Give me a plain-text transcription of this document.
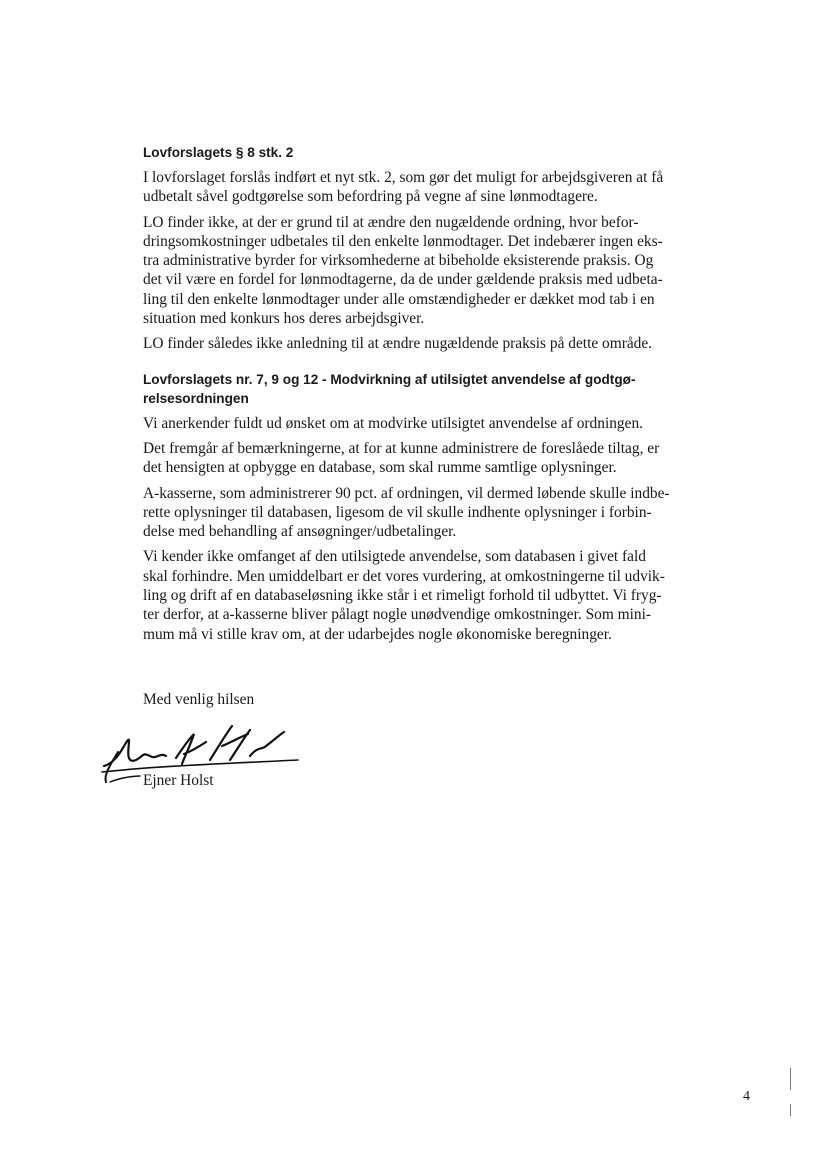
Lovforslagets § 8 stk. 2
I lovforslaget forslås indført et nyt stk. 2, som gør det muligt for arbejdsgiveren at få
udbetalt såvel godtgørelse som befordring på vegne af sine lønmodtagere.
LO finder ikke, at der er grund til at ændre den nugældende ordning, hvor befor-
dringsomkostninger udbetales til den enkelte lønmodtager. Det indebærer ingen eks-
tra administrative byrder for virksomhederne at bibeholde eksisterende praksis. Og
det vil være en fordel for lønmodtagerne, da de under gældende praksis med udbeta-
ling til den enkelte lønmodtager under alle omstændigheder er dækket mod tab i en
situation med konkurs hos deres arbejdsgiver.
LO finder således ikke anledning til at ændre nugældende praksis på dette område.
Lovforslagets nr. 7, 9 og 12 - Modvirkning af utilsigtet anvendelse af godtgø-
relsesordningen
Vi anerkender fuldt ud ønsket om at modvirke utilsigtet anvendelse af ordningen.
Det fremgår af bemærkningerne, at for at kunne administrere de foreslåede tiltag, er
det hensigten at opbygge en database, som skal rumme samtlige oplysninger.
A-kasserne, som administrerer 90 pct. af ordningen, vil dermed løbende skulle indbe-
rette oplysninger til databasen, ligesom de vil skulle indhente oplysninger i forbin-
delse med behandling af ansøgninger/udbetalinger.
Vi kender ikke omfanget af den utilsigtede anvendelse, som databasen i givet fald
skal forhindre. Men umiddelbart er det vores vurdering, at omkostningerne til udvik-
ling og drift af en databaseløsning ikke står i et rimeligt forhold til udbyttet. Vi fryg-
ter derfor, at a-kasserne bliver pålagt nogle unødvendige omkostninger. Som mini-
mum må vi stille krav om, at der udarbejdes nogle økonomiske beregninger.
Med venlig hilsen
Ejner Holst
4
